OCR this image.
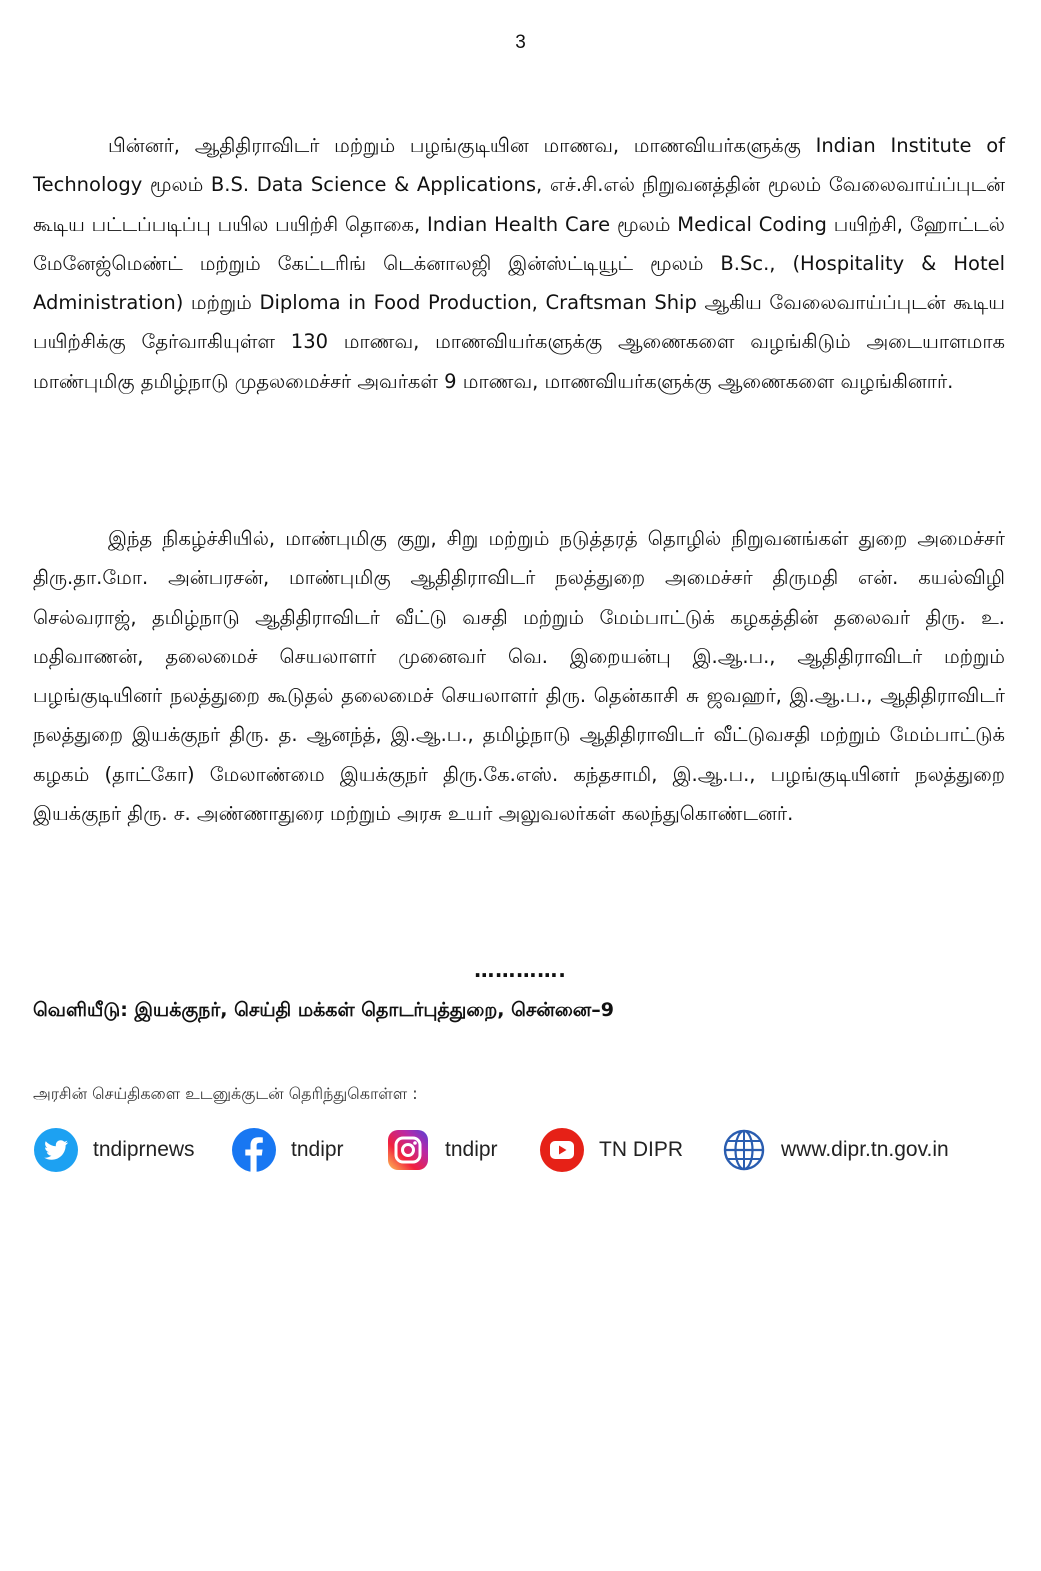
3

பின்னர், ஆதிதிராவிடர் மற்றும் பழங்குடியின மாணவ, மாணவியர்களுக்கு Indian Institute of Technology மூலம் B.S. Data Science & Applications, எச்.சி.எல் நிறுவனத்தின் மூலம் வேலைவாய்ப்புடன் கூடிய பட்டப்படிப்பு பயில பயிற்சி தொகை, Indian Health Care மூலம் Medical Coding பயிற்சி, ஹோட்டல் மேனேஜ்மெண்ட் மற்றும் கேட்டரிங் டெக்னாலஜி இன்ஸ்ட்டியூட் மூலம் B.Sc., (Hospitality & Hotel Administration) மற்றும் Diploma in Food Production, Craftsman Ship ஆகிய வேலைவாய்ப்புடன் கூடிய பயிற்சிக்கு தேர்வாகியுள்ள 130 மாணவ, மாணவியர்களுக்கு ஆணைகளை வழங்கிடும் அடையாளமாக மாண்புமிகு தமிழ்நாடு முதலமைச்சர் அவர்கள் 9 மாணவ, மாணவியர்களுக்கு ஆணைகளை வழங்கினார்.

இந்த நிகழ்ச்சியில், மாண்புமிகு குறு, சிறு மற்றும் நடுத்தரத் தொழில் நிறுவனங்கள் துறை அமைச்சர் திரு.தா.மோ. அன்பரசன், மாண்புமிகு ஆதிதிராவிடர் நலத்துறை அமைச்சர் திருமதி என். கயல்விழி செல்வராஜ், தமிழ்நாடு ஆதிதிராவிடர் வீட்டு வசதி மற்றும் மேம்பாட்டுக் கழகத்தின் தலைவர் திரு. உ. மதிவாணன், தலைமைச் செயலாளர் முனைவர் வெ. இறையன்பு இ.ஆ.ப., ஆதிதிராவிடர் மற்றும் பழங்குடியினர் நலத்துறை கூடுதல் தலைமைச் செயலாளர் திரு. தென்காசி சு ஜவஹர், இ.ஆ.ப., ஆதிதிராவிடர் நலத்துறை இயக்குநர் திரு. த. ஆனந்த், இ.ஆ.ப., தமிழ்நாடு ஆதிதிராவிடர் வீட்டுவசதி மற்றும் மேம்பாட்டுக் கழகம் (தாட்கோ) மேலாண்மை இயக்குநர் திரு.கே.எஸ். கந்தசாமி, இ.ஆ.ப., பழங்குடியினர் நலத்துறை இயக்குநர் திரு. ச. அண்ணாதுரை மற்றும் அரசு உயர் அலுவலர்கள் கலந்துகொண்டனர்.

………….
வெளியீடு: இயக்குநர், செய்தி மக்கள் தொடர்புத்துறை, சென்னை–9
அரசின் செய்திகளை உடனுக்குடன் தெரிந்துகொள்ள :
tndiprnews	tndipr	tndipr	TN DIPR	www.dipr.tn.gov.in
